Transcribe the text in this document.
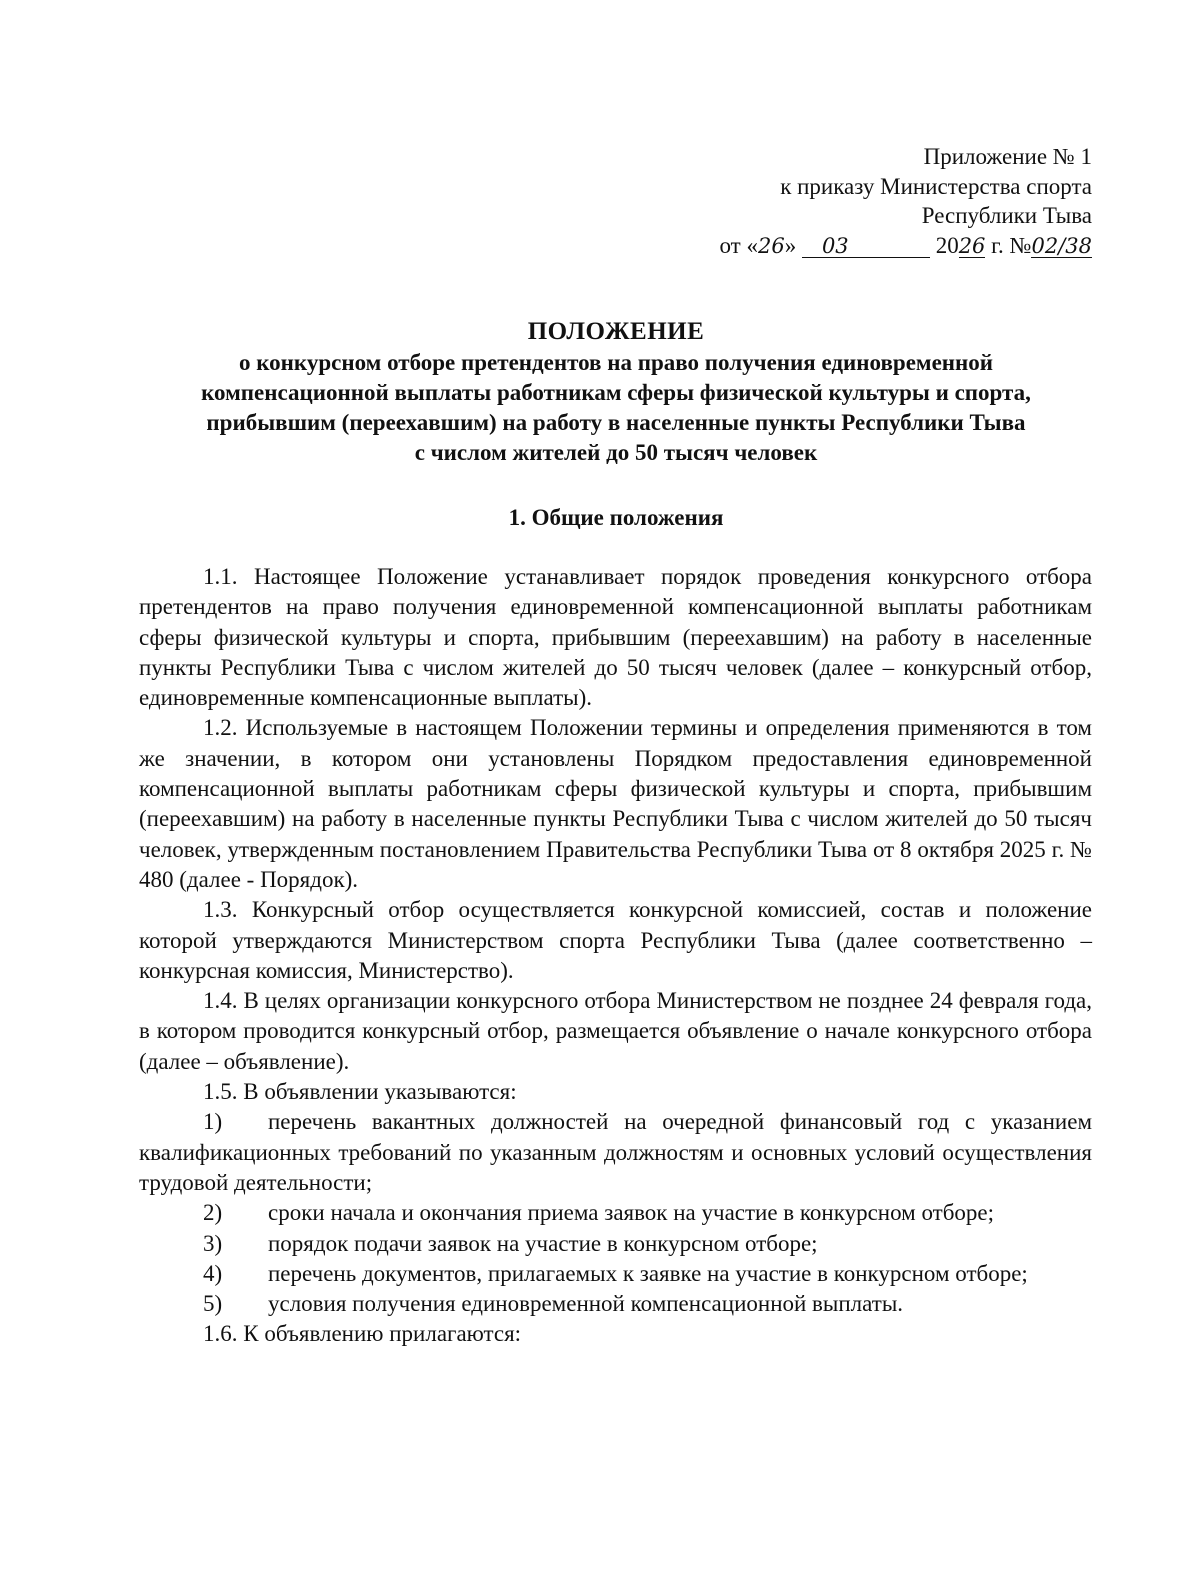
Приложение № 1
к приказу Министерства спорта
Республики Тыва
от «26» 03	2026 г. №02/38
ПОЛОЖЕНИЕ
о конкурсном отборе претендентов на право получения единовременной
компенсационной выплаты работникам сферы физической культуры и спорта,
прибывшим (переехавшим) на работу в населенные пункты Республики Тыва
с числом жителей до 50 тысяч человек
1. Общие положения

1.1. Настоящее Положение устанавливает порядок проведения конкурсного отбора претендентов на право получения единовременной компенсационной выплаты работникам сферы физической культуры и спорта, прибывшим (переехавшим) на работу в населенные пункты Республики Тыва с числом жителей до 50 тысяч человек (далее – конкурсный отбор, единовременные компенсационные выплаты).

1.2. Используемые в настоящем Положении термины и определения применяются в том же значении, в котором они установлены Порядком предоставления единовременной компенсационной выплаты работникам сферы физической культуры и спорта, прибывшим (переехавшим) на работу в населенные пункты Республики Тыва с числом жителей до 50 тысяч человек, утвержденным постановлением Правительства Республики Тыва от 8 октября 2025 г. № 480 (далее - Порядок).

1.3. Конкурсный отбор осуществляется конкурсной комиссией, состав и положение которой утверждаются Министерством спорта Республики Тыва (далее соответственно – конкурсная комиссия, Министерство).

1.4. В целях организации конкурсного отбора Министерством не позднее 24 февраля года, в котором проводится конкурсный отбор, размещается объявление о начале конкурсного отбора (далее – объявление).

1.5. В объявлении указываются:

1) перечень вакантных должностей на очередной финансовый год с указанием квалификационных требований по указанным должностям и основных условий осуществления трудовой деятельности;

2) сроки начала и окончания приема заявок на участие в конкурсном отборе;

3) порядок подачи заявок на участие в конкурсном отборе;

4) перечень документов, прилагаемых к заявке на участие в конкурсном отборе;

5) условия получения единовременной компенсационной выплаты.

1.6. К объявлению прилагаются:
